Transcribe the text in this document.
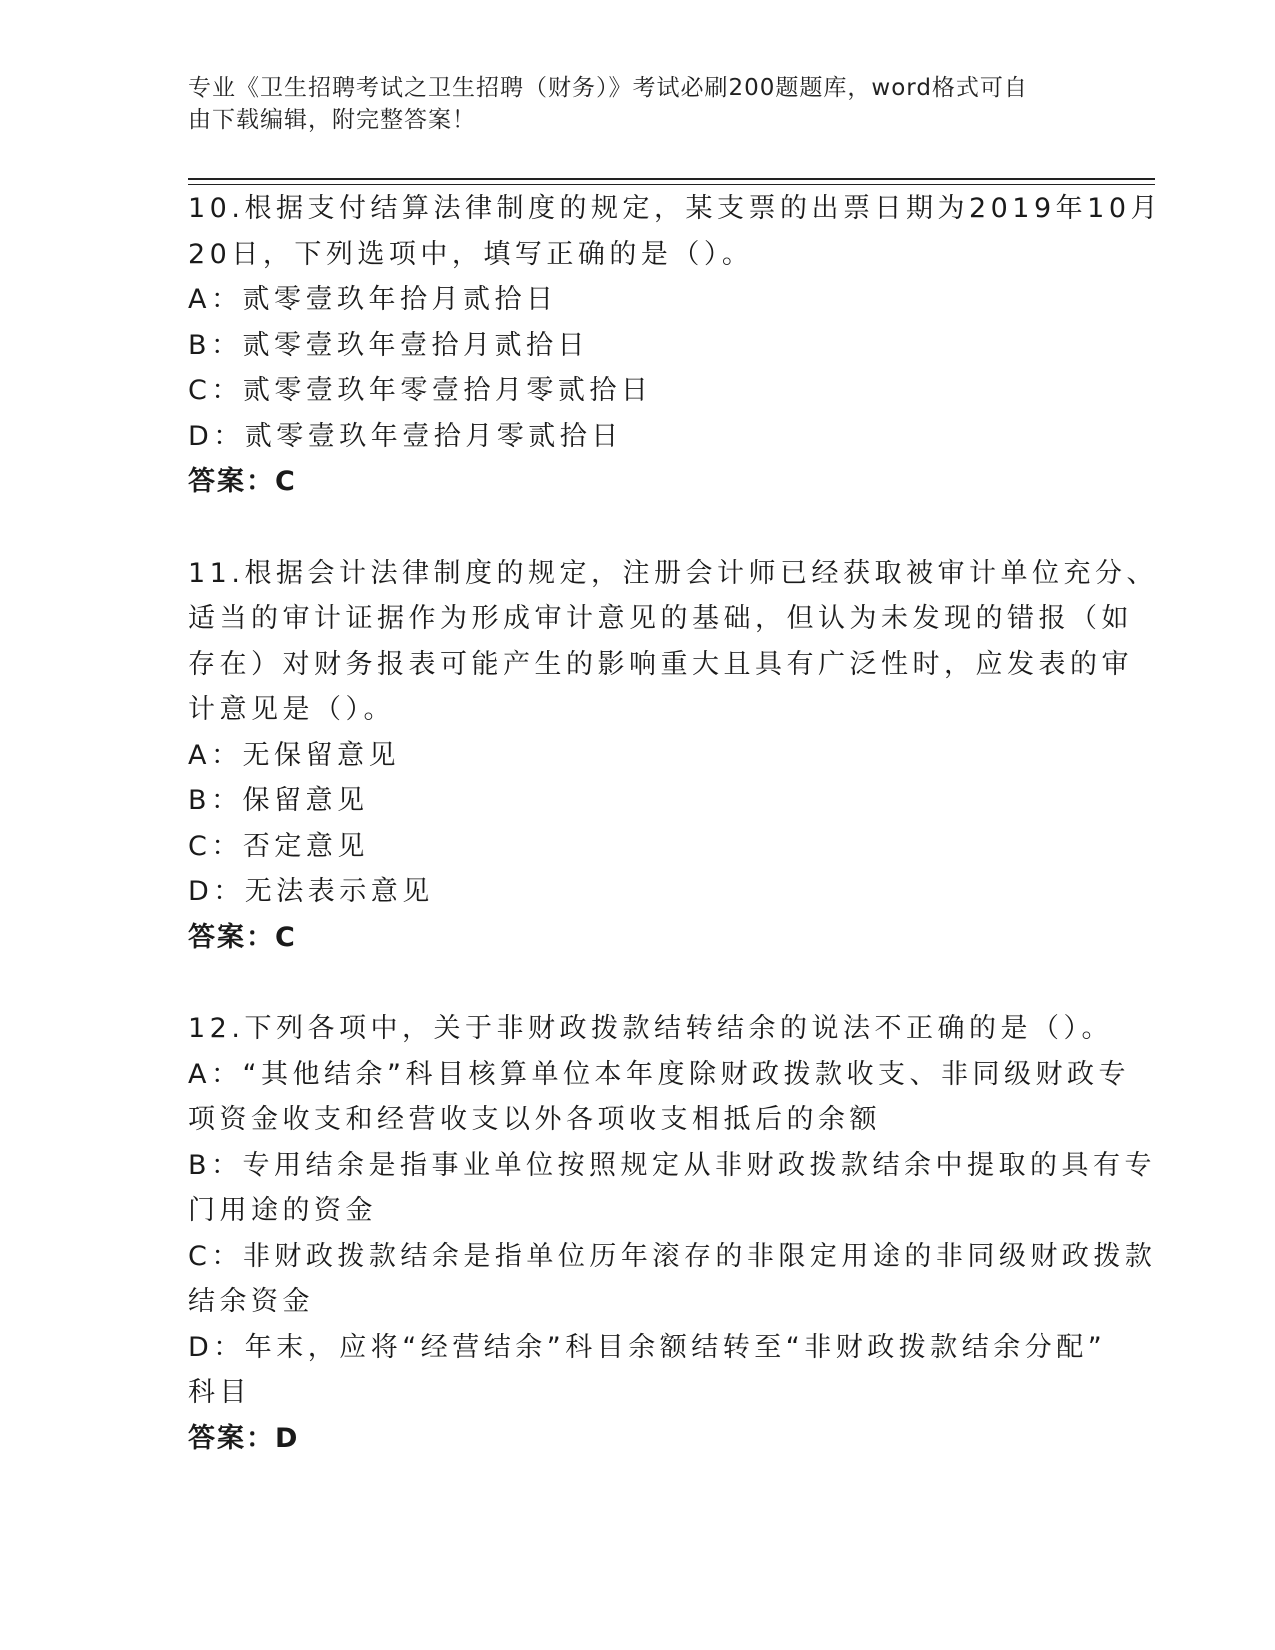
专业《卫生招聘考试之卫生招聘（财务）》考试必刷200题题库，word格式可自
由下载编辑，附完整答案！
10.根据支付结算法律制度的规定，某支票的出票日期为2019年10月
20日，下列选项中，填写正确的是（）。
A：贰零壹玖年拾月贰拾日
B：贰零壹玖年壹拾月贰拾日
C：贰零壹玖年零壹拾月零贰拾日
D：贰零壹玖年壹拾月零贰拾日
答案：C
11.根据会计法律制度的规定，注册会计师已经获取被审计单位充分、
适当的审计证据作为形成审计意见的基础，但认为未发现的错报（如
存在）对财务报表可能产生的影响重大且具有广泛性时，应发表的审
计意见是（）。
A：无保留意见
B：保留意见
C：否定意见
D：无法表示意见
答案：C
12.下列各项中，关于非财政拨款结转结余的说法不正确的是（）。
A：“其他结余”科目核算单位本年度除财政拨款收支、非同级财政专
项资金收支和经营收支以外各项收支相抵后的余额
B：专用结余是指事业单位按照规定从非财政拨款结余中提取的具有专
门用途的资金
C：非财政拨款结余是指单位历年滚存的非限定用途的非同级财政拨款
结余资金
D：年末，应将“经营结余”科目余额结转至“非财政拨款结余分配”
科目
答案：D
